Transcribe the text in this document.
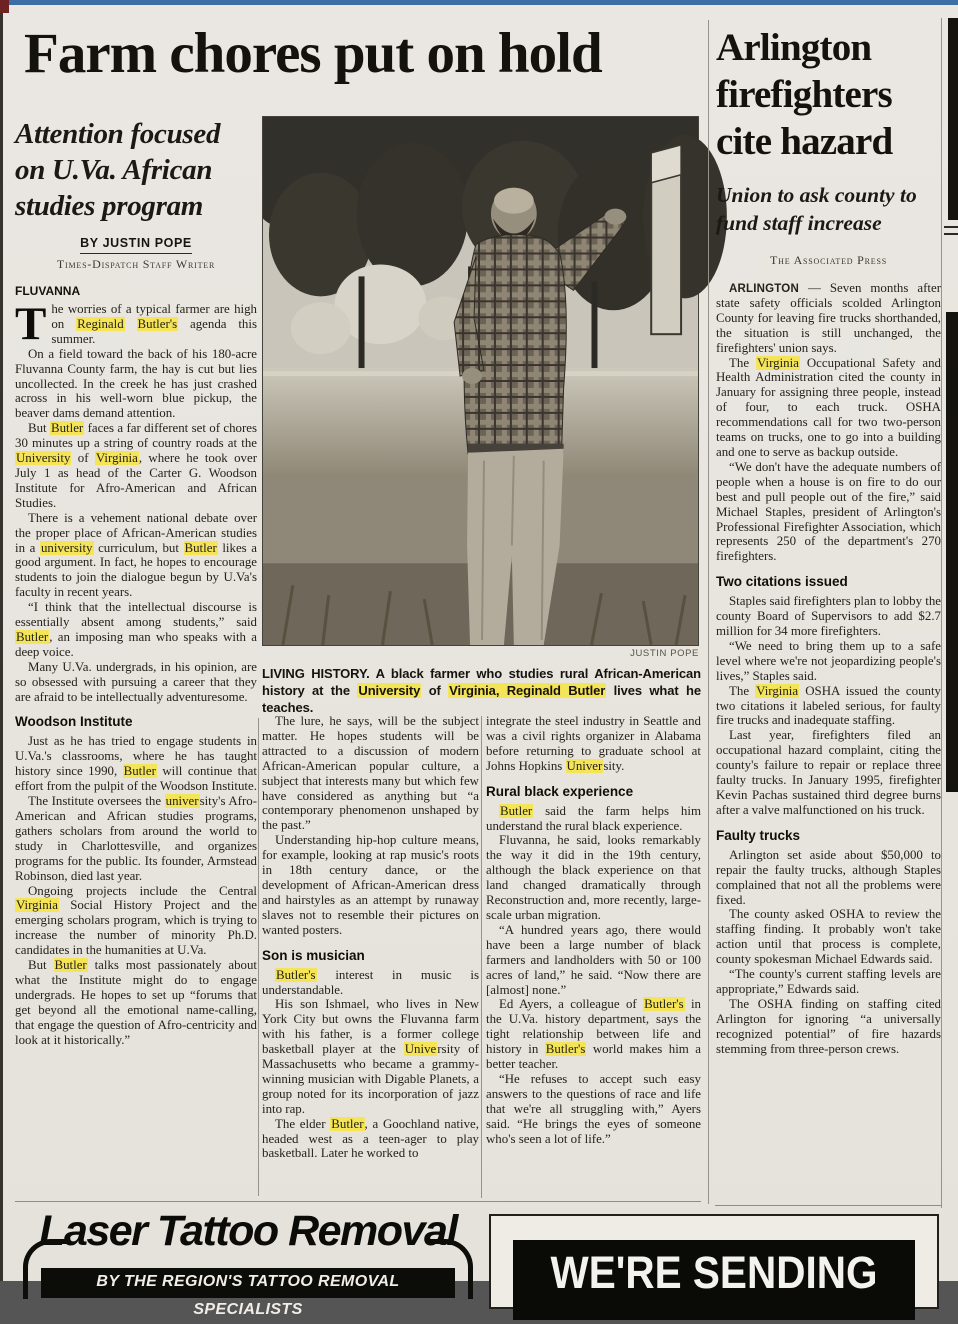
Farm chores put on hold
Attention focused on U.Va. African studies program
BY JUSTIN POPE
Times-Dispatch Staff Writer
FLUVANNA

The worries of a typical farmer are high on Reginald Butler's agenda this summer.

On a field toward the back of his 180-acre Fluvanna County farm, the hay is cut but lies uncollected. In the creek he has just crashed across in his well-worn blue pickup, the beaver dams demand attention.

But Butler faces a far different set of chores 30 minutes up a string of country roads at the University of Virginia, where he took over July 1 as head of the Carter G. Woodson Institute for Afro-American and African Studies.

There is a vehement national debate over the proper place of African-American studies in a university curriculum, but Butler likes a good argument. In fact, he hopes to encourage students to join the dialogue begun by U.Va's faculty in recent years.

“I think that the intellectual discourse is essentially absent among students,” said Butler, an imposing man who speaks with a deep voice.

Many U.Va. undergrads, in his opinion, are so obsessed with pursuing a career that they are afraid to be intellectually adventuresome.

Woodson Institute

Just as he has tried to engage students in U.Va.'s classrooms, where he has taught history since 1990, Butler will continue that effort from the pulpit of the Woodson Institute.

The Institute oversees the university's Afro-American and African studies programs, gathers scholars from around the world to study in Charlottesville, and organizes programs for the public. Its founder, Armstead Robinson, died last year.

Ongoing projects include the Central Virginia Social History Project and the emerging scholars program, which is trying to increase the number of minority Ph.D. candidates in the humanities at U.Va.

But Butler talks most passionately about what the Institute might do to engage undergrads. He hopes to set up “forums that get beyond all the emotional name-calling, that engage the question of Afro-centricity and look at it historically.”

JUSTIN POPE

LIVING HISTORY. A black farmer who studies rural African-American history at the University of Virginia, Reginald Butler lives what he teaches.

The lure, he says, will be the subject matter. He hopes students will be attracted to a discussion of modern African-American popular culture, a subject that interests many but which few have considered as anything but “a contemporary phenomenon unshaped by the past.”

Understanding hip-hop culture means, for example, looking at rap music's roots in 18th century dance, or the development of African-American dress and hairstyles as an attempt by runaway slaves not to resemble their pictures on wanted posters.

Son is musician

Butler's interest in music is understandable.

His son Ishmael, who lives in New York City but owns the Fluvanna farm with his father, is a former college basketball player at the University of Massachusetts who became a grammy-winning musician with Digable Planets, a group noted for its incorporation of jazz into rap.

The elder Butler, a Goochland native, headed west as a teen-ager to play basketball. Later he worked to

integrate the steel industry in Seattle and was a civil rights organizer in Alabama before returning to graduate school at Johns Hopkins University.

Rural black experience

Butler said the farm helps him understand the rural black experience.

Fluvanna, he said, looks remarkably the way it did in the 19th century, although the black experience on that land changed dramatically through Reconstruction and, more recently, large-scale urban migration.

“A hundred years ago, there would have been a large number of black farmers and landholders with 50 or 100 acres of land,” he said. “Now there are [almost] none.”

Ed Ayers, a colleague of Butler's in the U.Va. history department, says the tight relationship between life and history in Butler's world makes him a better teacher.

“He refuses to accept such easy answers to the questions of race and life that we're all struggling with,” Ayers said. “He brings the eyes of someone who's seen a lot of life.”

Arlington firefighters cite hazard
Union to ask county to fund staff increase
The Associated Press

ARLINGTON — Seven months after state safety officials scolded Arlington County for leaving fire trucks shorthanded, the situation is still unchanged, the firefighters' union says.

The Virginia Occupational Safety and Health Administration cited the county in January for assigning three people, instead of four, to each truck. OSHA recommendations call for two two-person teams on trucks, one to go into a building and one to serve as backup outside.

“We don't have the adequate numbers of people when a house is on fire to do our best and pull people out of the fire,” said Michael Staples, president of Arlington's Professional Firefighter Association, which represents 250 of the department's 270 firefighters.

Two citations issued

Staples said firefighters plan to lobby the county Board of Supervisors to add $2.7 million for 34 more firefighters.

“We need to bring them up to a safe level where we're not jeopardizing people's lives,” Staples said.

The Virginia OSHA issued the county two citations it labeled serious, for faulty fire trucks and inadequate staffing.

Last year, firefighters filed an occupational hazard complaint, citing the county's failure to repair or replace three faulty trucks. In January 1995, firefighter Kevin Pachas sustained third degree burns after a valve malfunctioned on his truck.

Faulty trucks

Arlington set aside about $50,000 to repair the faulty trucks, although Staples complained that not all the problems were fixed.

The county asked OSHA to review the staffing finding. It probably won't take action until that process is complete, county spokesman Michael Edwards said.

“The county's current staffing levels are appropriate,” Edwards said.

The OSHA finding on staffing cited Arlington for ignoring “a universally recognized potential” of fire hazards stemming from three-person crews.

Laser Tattoo Removal
BY THE REGION'S TATTOO REMOVAL SPECIALISTS
WE'RE SENDING
